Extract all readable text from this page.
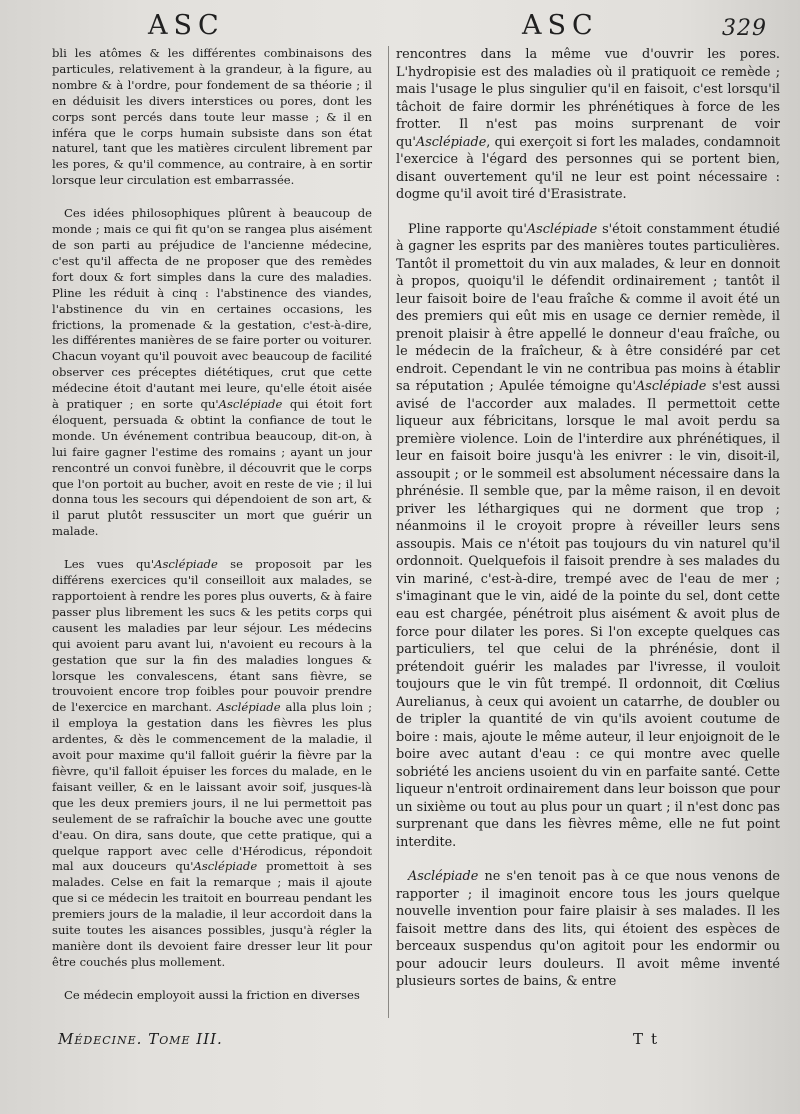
ASC	ASC	329

bli les atômes & les différentes combinaisons des particules, relativement à la grandeur, à la figure, au nombre & à l'ordre, pour fondement de sa théorie ; il en déduisit les divers interstices ou pores, dont les corps sont percés dans toute leur masse ; & il en inféra que le corps humain subsiste dans son état naturel, tant que les matières circulent librement par les pores, & qu'il commence, au contraire, à en sortir lorsque leur circulation est embarrassée.

Ces idées philosophiques plûrent à beaucoup de monde ; mais ce qui fit qu'on se rangea plus aisément de son parti au préjudice de l'ancienne médecine, c'est qu'il affecta de ne proposer que des remèdes fort doux & fort simples dans la cure des maladies. Pline les réduit à cinq : l'abstinence des viandes, l'abstinence du vin en certaines occasions, les frictions, la promenade & la gestation, c'est-à-dire, les différentes manières de se faire porter ou voiturer. Chacun voyant qu'il pouvoit avec beaucoup de facilité observer ces préceptes diététiques, crut que cette médecine étoit d'autant mei leure, qu'elle étoit aisée à pratiquer ; en sorte qu'Asclépiade qui étoit fort éloquent, persuada & obtint la confiance de tout le monde. Un événement contribua beaucoup, dit-on, à lui faire gagner l'estime des romains ; ayant un jour rencontré un convoi funèbre, il découvrit que le corps que l'on portoit au bucher, avoit en reste de vie ; il lui donna tous les secours qui dépendoient de son art, & il parut plutôt ressusciter un mort que guérir un malade.

Les vues qu'Asclépiade se proposoit par les différens exercices qu'il conseilloit aux malades, se rapportoient à rendre les pores plus ouverts, & à faire passer plus librement les sucs & les petits corps qui causent les maladies par leur séjour. Les médecins qui avoient paru avant lui, n'avoient eu recours à la gestation que sur la fin des maladies longues & lorsque les convalescens, étant sans fièvre, se trouvoient encore trop foibles pour pouvoir prendre de l'exercice en marchant. Asclépiade alla plus loin ; il employa la gestation dans les fièvres les plus ardentes, & dès le commencement de la maladie, il avoit pour maxime qu'il falloit guérir la fièvre par la fièvre, qu'il falloit épuiser les forces du malade, en le faisant veiller, & en le laissant avoir soif, jusques-là que les deux premiers jours, il ne lui permettoit pas seulement de se rafraîchir la bouche avec une goutte d'eau. On dira, sans doute, que cette pratique, qui a quelque rapport avec celle d'Hérodicus, répondoit mal aux douceurs qu'Asclépiade promettoit à ses malades. Celse en fait la remarque ; mais il ajoute que si ce médecin les traitoit en bourreau pendant les premiers jours de la maladie, il leur accordoit dans la suite toutes les aisances possibles, jusqu'à régler la manière dont ils devoient faire dresser leur lit pour être couchés plus mollement.

Ce médecin employoit aussi la friction en diverses

rencontres dans la même vue d'ouvrir les pores. L'hydropisie est des maladies où il pratiquoit ce remède ; mais l'usage le plus singulier qu'il en faisoit, c'est lorsqu'il tâchoit de faire dormir les phrénétiques à force de les frotter. Il n'est pas moins surprenant de voir qu'Asclépiade, qui exerçoit si fort les malades, condamnoit l'exercice à l'égard des personnes qui se portent bien, disant ouvertement qu'il ne leur est point nécessaire : dogme qu'il avoit tiré d'Erasistrate.

Pline rapporte qu'Asclépiade s'étoit constamment étudié à gagner les esprits par des manières toutes particulières. Tantôt il promettoit du vin aux malades, & leur en donnoit à propos, quoiqu'il le défendit ordinairement ; tantôt il leur faisoit boire de l'eau fraîche & comme il avoit été un des premiers qui eût mis en usage ce dernier remède, il prenoit plaisir à être appellé le donneur d'eau fraîche, ou le médecin de la fraîcheur, & à être considéré par cet endroit. Cependant le vin ne contribua pas moins à établir sa réputation ; Apulée témoigne qu'Asclépiade s'est aussi avisé de l'accorder aux malades. Il permettoit cette liqueur aux fébricitans, lorsque le mal avoit perdu sa première violence. Loin de l'interdire aux phrénétiques, il leur en faisoit boire jusqu'à les enivrer : le vin, disoit-il, assoupit ; or le sommeil est absolument nécessaire dans la phrénésie. Il semble que, par la même raison, il en devoit priver les léthargiques qui ne dorment que trop ; néanmoins il le croyoit propre à réveiller leurs sens assoupis. Mais ce n'étoit pas toujours du vin naturel qu'il ordonnoit. Quelquefois il faisoit prendre à ses malades du vin mariné, c'est-à-dire, trempé avec de l'eau de mer ; s'imaginant que le vin, aidé de la pointe du sel, dont cette eau est chargée, pénétroit plus aisément & avoit plus de force pour dilater les pores. Si l'on excepte quelques cas particuliers, tel que celui de la phrénésie, dont il prétendoit guérir les malades par l'ivresse, il vouloit toujours que le vin fût trempé. Il ordonnoit, dit Cœlius Aurelianus, à ceux qui avoient un catarrhe, de doubler ou de tripler la quantité de vin qu'ils avoient coutume de boire : mais, ajoute le même auteur, il leur enjoignoit de le boire avec autant d'eau : ce qui montre avec quelle sobriété les anciens usoient du vin en parfaite santé. Cette liqueur n'entroit ordinairement dans leur boisson que pour un sixième ou tout au plus pour un quart ; il n'est donc pas surprenant que dans les fièvres même, elle ne fut point interdite.

Asclépiade ne s'en tenoit pas à ce que nous venons de rapporter ; il imaginoit encore tous les jours quelque nouvelle invention pour faire plaisir à ses malades. Il les faisoit mettre dans des lits, qui étoient des espèces de berceaux suspendus qu'on agitoit pour les endormir ou pour adoucir leurs douleurs. Il avoit même inventé plusieurs sortes de bains, & entre

Médecine. Tome III.	Tt
